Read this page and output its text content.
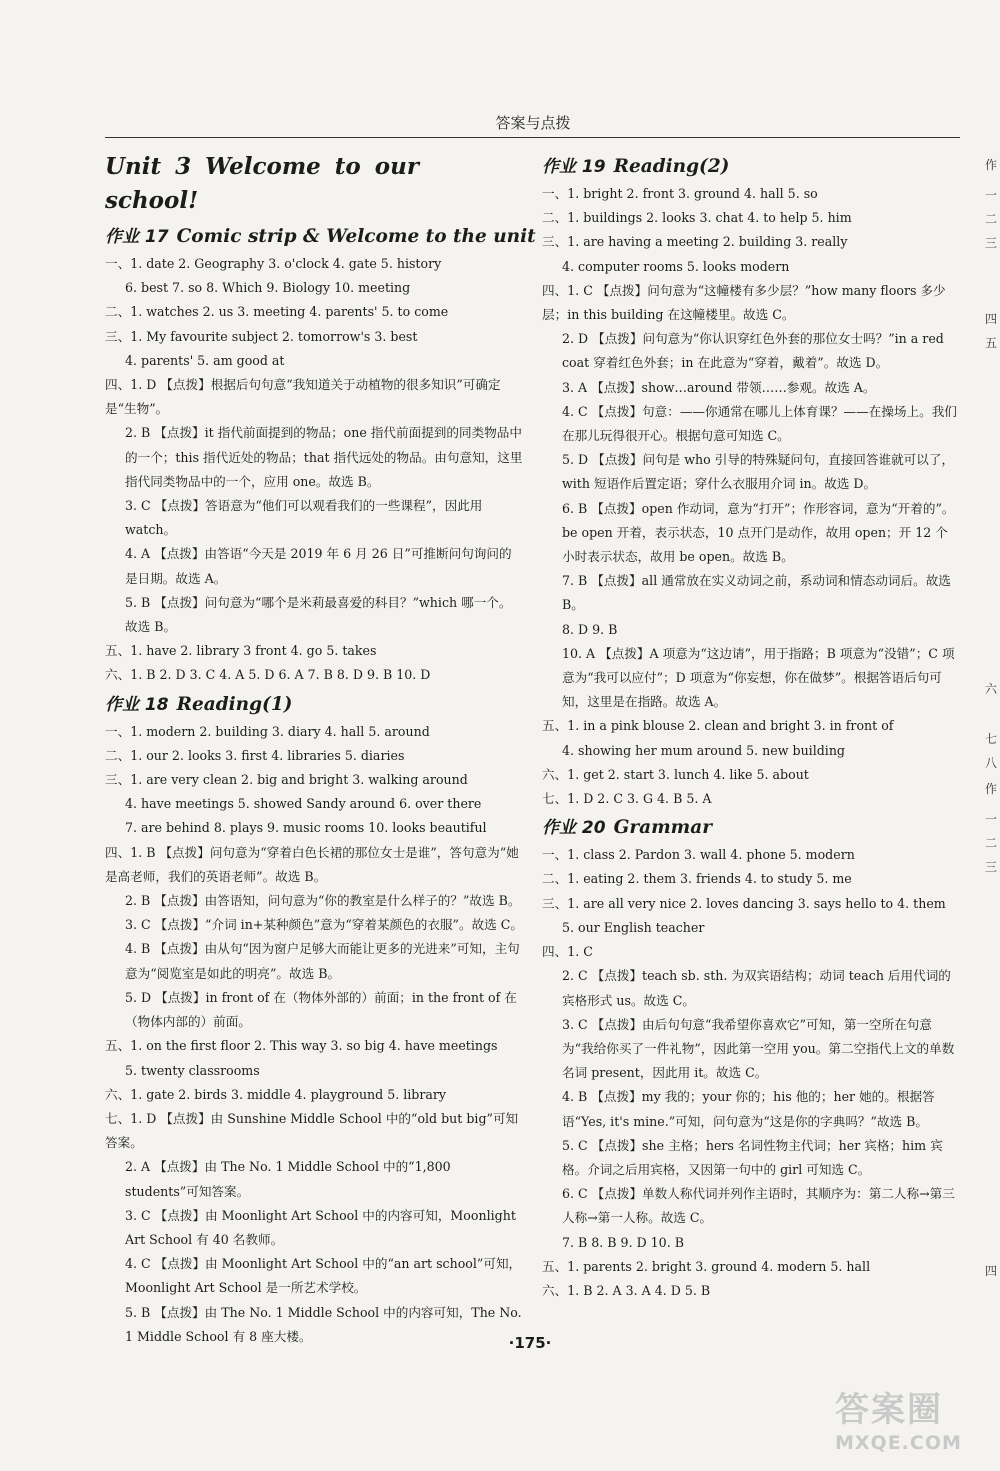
答案与点拨
Unit 3 Welcome to our school!
作业 17 Comic strip & Welcome to the unit

一、1. date 2. Geography 3. o'clock 4. gate 5. history

6. best 7. so 8. Which 9. Biology 10. meeting

二、1. watches 2. us 3. meeting 4. parents' 5. to come

三、1. My favourite subject 2. tomorrow's 3. best

4. parents' 5. am good at

四、1. D 【点拨】根据后句句意“我知道关于动植物的很多知识”可确定是“生物”。

2. B 【点拨】it 指代前面提到的物品；one 指代前面提到的同类物品中的一个；this 指代近处的物品；that 指代远处的物品。由句意知，这里指代同类物品中的一个，应用 one。故选 B。

3. C 【点拨】答语意为“他们可以观看我们的一些课程”，因此用 watch。

4. A 【点拨】由答语“今天是 2019 年 6 月 26 日”可推断问句询问的是日期。故选 A。

5. B 【点拨】问句意为“哪个是米莉最喜爱的科目？”which 哪一个。故选 B。

五、1. have 2. library 3 front 4. go 5. takes

六、1. B 2. D 3. C 4. A 5. D 6. A 7. B 8. D 9. B 10. D

作业 18 Reading(1)

一、1. modern 2. building 3. diary 4. hall 5. around

二、1. our 2. looks 3. first 4. libraries 5. diaries

三、1. are very clean 2. big and bright 3. walking around

4. have meetings 5. showed Sandy around 6. over there

7. are behind 8. plays 9. music rooms 10. looks beautiful

四、1. B 【点拨】问句意为“穿着白色长裙的那位女士是谁”，答句意为“她是高老师，我们的英语老师”。故选 B。

2. B 【点拨】由答语知，问句意为“你的教室是什么样子的？”故选 B。

3. C 【点拨】“介词 in+某种颜色”意为“穿着某颜色的衣服”。故选 C。

4. B 【点拨】由从句“因为窗户足够大而能让更多的光进来”可知，主句意为“阅览室是如此的明亮”。故选 B。

5. D 【点拨】in front of 在（物体外部的）前面；in the front of 在（物体内部的）前面。

五、1. on the first floor 2. This way 3. so big 4. have meetings

5. twenty classrooms

六、1. gate 2. birds 3. middle 4. playground 5. library

七、1. D 【点拨】由 Sunshine Middle School 中的“old but big”可知答案。

2. A 【点拨】由 The No. 1 Middle School 中的“1,800 students”可知答案。

3. C 【点拨】由 Moonlight Art School 中的内容可知，Moonlight Art School 有 40 名教师。

4. C 【点拨】由 Moonlight Art School 中的“an art school”可知，Moonlight Art School 是一所艺术学校。

5. B 【点拨】由 The No. 1 Middle School 中的内容可知，The No. 1 Middle School 有 8 座大楼。

作业 19 Reading(2)

一、1. bright 2. front 3. ground 4. hall 5. so

二、1. buildings 2. looks 3. chat 4. to help 5. him

三、1. are having a meeting 2. building 3. really

4. computer rooms 5. looks modern

四、1. C 【点拨】问句意为“这幢楼有多少层？”how many floors 多少层；in this building 在这幢楼里。故选 C。

2. D 【点拨】问句意为“你认识穿红色外套的那位女士吗？”in a red coat 穿着红色外套；in 在此意为“穿着，戴着”。故选 D。

3. A 【点拨】show…around 带领……参观。故选 A。

4. C 【点拨】句意：——你通常在哪儿上体育课？——在操场上。我们在那儿玩得很开心。根据句意可知选 C。

5. D 【点拨】问句是 who 引导的特殊疑问句，直接回答谁就可以了，with 短语作后置定语；穿什么衣服用介词 in。故选 D。

6. B 【点拨】open 作动词，意为“打开”；作形容词，意为“开着的”。be open 开着，表示状态，10 点开门是动作，故用 open；开 12 个小时表示状态，故用 be open。故选 B。

7. B 【点拨】all 通常放在实义动词之前，系动词和情态动词后。故选 B。

8. D 9. B

10. A 【点拨】A 项意为“这边请”，用于指路；B 项意为“没错”；C 项意为“我可以应付”；D 项意为“你妄想，你在做梦”。根据答语后句可知，这里是在指路。故选 A。

五、1. in a pink blouse 2. clean and bright 3. in front of

4. showing her mum around 5. new building

六、1. get 2. start 3. lunch 4. like 5. about

七、1. D 2. C 3. G 4. B 5. A

作业 20 Grammar

一、1. class 2. Pardon 3. wall 4. phone 5. modern

二、1. eating 2. them 3. friends 4. to study 5. me

三、1. are all very nice 2. loves dancing 3. says hello to 4. them

5. our English teacher

四、1. C

2. C 【点拨】teach sb. sth. 为双宾语结构；动词 teach 后用代词的宾格形式 us。故选 C。

3. C 【点拨】由后句句意“我希望你喜欢它”可知，第一空所在句意为“我给你买了一件礼物”，因此第一空用 you。第二空指代上文的单数名词 present，因此用 it。故选 C。

4. B 【点拨】my 我的；your 你的；his 他的；her 她的。根据答语“Yes, it's mine.”可知，问句意为“这是你的字典吗？”故选 B。

5. C 【点拨】she 主格；hers 名词性物主代词；her 宾格；him 宾格。介词之后用宾格，又因第一句中的 girl 可知选 C。

6. C 【点拨】单数人称代词并列作主语时，其顺序为：第二人称→第三人称→第一人称。故选 C。

7. B 8. B 9. D 10. B

五、1. parents 2. bright 3. ground 4. modern 5. hall

六、1. B 2. A 3. A 4. D 5. B

作
一
二
三
四
五
六
七
八
作
一
二
三
四
·175·
答案圈
MXQE.COM
